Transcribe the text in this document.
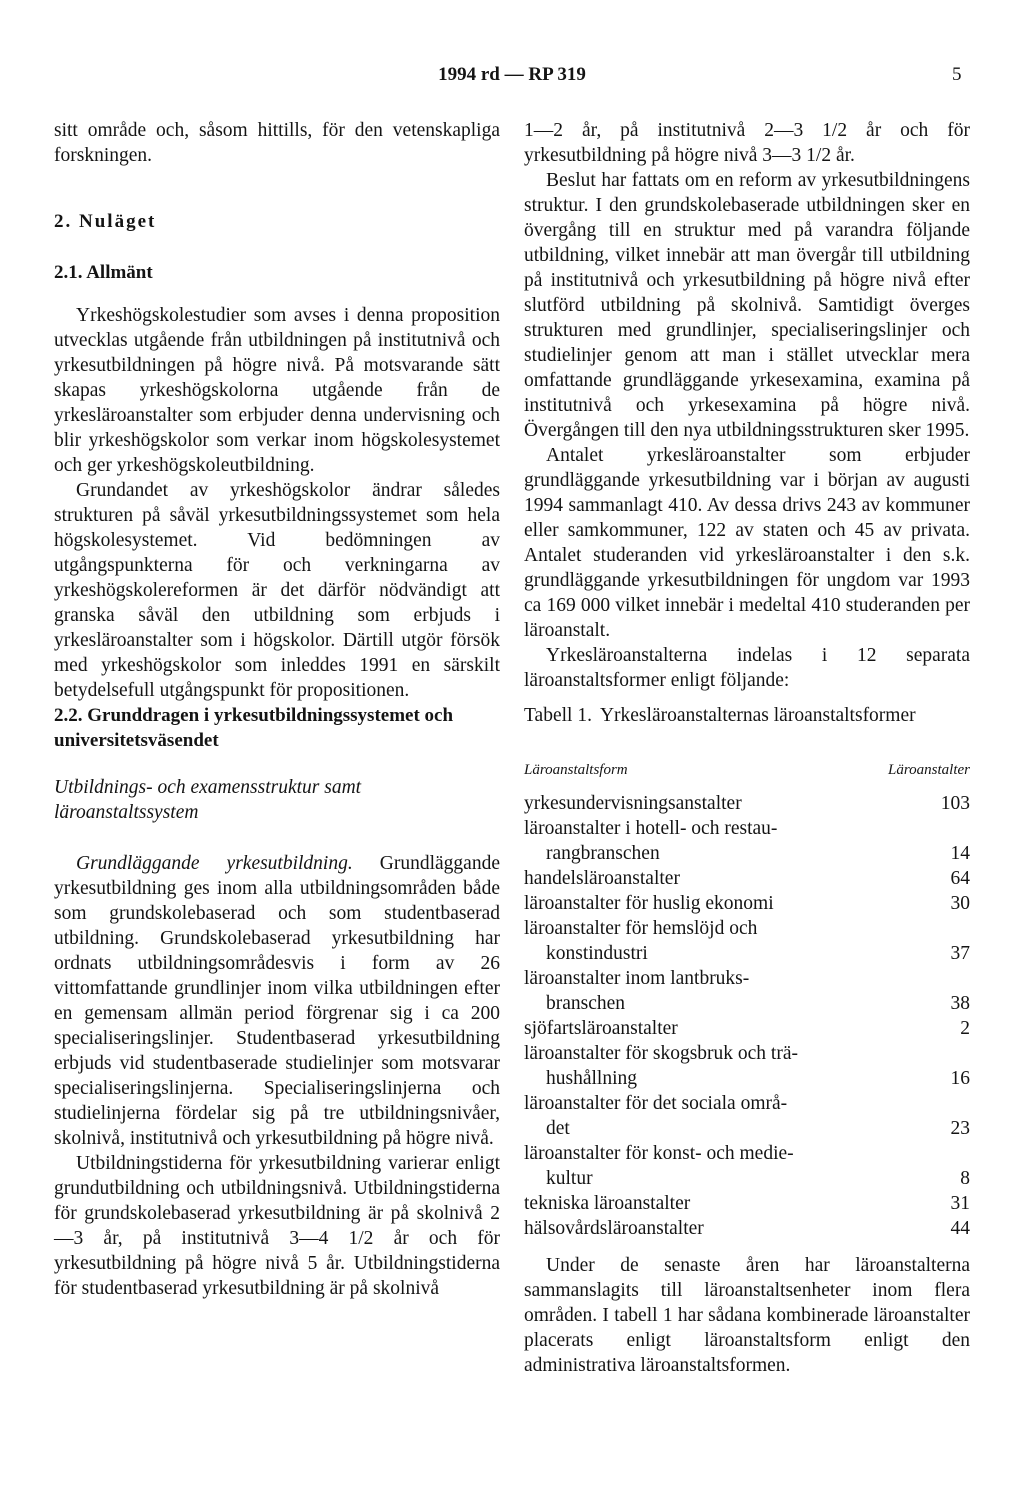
1994 rd — RP 319	5

sitt område och, såsom hittills, för den vetenskapliga forskningen.

2. Nuläget
2.1. Allmänt

Yrkeshögskolestudier som avses i denna proposition utvecklas utgående från utbildningen på institutnivå och yrkesutbildningen på högre nivå. På motsvarande sätt skapas yrkeshögskolorna utgående från de yrkesläroanstalter som erbjuder denna undervisning och blir yrkeshögskolor som verkar inom högskolesystemet och ger yrkeshögskoleutbildning.

Grundandet av yrkeshögskolor ändrar således strukturen på såväl yrkesutbildningssystemet som hela högskolesystemet. Vid bedömningen av utgångspunkterna för och verkningarna av yrkeshögskolereformen är det därför nödvändigt att granska såväl den utbildning som erbjuds i yrkesläroanstalter som i högskolor. Därtill utgör försök med yrkeshögskolor som inleddes 1991 en särskilt betydelsefull utgångspunkt för propositionen.

2.2. Grunddragen i yrkesutbildningssystemet och universitetsväsendet

Utbildnings- och examensstruktur samt läroanstaltssystem

Grundläggande yrkesutbildning. Grundläggande yrkesutbildning ges inom alla utbildningsområden både som grundskolebaserad och som studentbaserad utbildning. Grundskolebaserad yrkesutbildning har ordnats utbildningsområdesvis i form av 26 vittomfattande grundlinjer inom vilka utbildningen efter en gemensam allmän period förgrenar sig i ca 200 specialiseringslinjer. Studentbaserad yrkesutbildning erbjuds vid studentbaserade studielinjer som motsvarar specialiseringslinjerna. Specialiseringslinjerna och studielinjerna fördelar sig på tre utbildningsnivåer, skolnivå, institutnivå och yrkesutbildning på högre nivå.

Utbildningstiderna för yrkesutbildning varierar enligt grundutbildning och utbildningsnivå. Utbildningstiderna för grundskolebaserad yrkesutbildning är på skolnivå 2—3 år, på institutnivå 3—4 1/2 år och för yrkesutbildning på högre nivå 5 år. Utbildningstiderna för studentbaserad yrkesutbildning är på skolnivå

1—2 år, på institutnivå 2—3 1/2 år och för yrkesutbildning på högre nivå 3—3 1/2 år.

Beslut har fattats om en reform av yrkesutbildningens struktur. I den grundskolebaserade utbildningen sker en övergång till en struktur med på varandra följande utbildning, vilket innebär att man övergår till utbildning på institutnivå och yrkesutbildning på högre nivå efter slutförd utbildning på skolnivå. Samtidigt överges strukturen med grundlinjer, specialiseringslinjer och studielinjer genom att man i stället utvecklar mera omfattande grundläggande yrkesexamina, examina på institutnivå och yrkesexamina på högre nivå. Övergången till den nya utbildningsstrukturen sker 1995.

Antalet yrkesläroanstalter som erbjuder grundläggande yrkesutbildning var i början av augusti 1994 sammanlagt 410. Av dessa drivs 243 av kommuner eller samkommuner, 122 av staten och 45 av privata. Antalet studeranden vid yrkesläroanstalter i den s.k. grundläggande yrkesutbildningen för ungdom var 1993 ca 169 000 vilket innebär i medeltal 410 studeranden per läroanstalt.

Yrkesläroanstalterna indelas i 12 separata läroanstaltsformer enligt följande:

Tabell 1. Yrkesläroanstalternas läroanstaltsformer
Läroanstaltsform	Läroanstalter
yrkesundervisningsanstalter	103
läroanstalter i hotell- och restau-
rangbranschen	14
handelsläroanstalter	64
läroanstalter för huslig ekonomi	30
läroanstalter för hemslöjd och
konstindustri	37
läroanstalter inom lantbruks-
branschen	38
sjöfartsläroanstalter	2
läroanstalter för skogsbruk och trä-
hushållning	16
läroanstalter för det sociala områ-
det	23
läroanstalter för konst- och medie-
kultur	8
tekniska läroanstalter	31
hälsovårdsläroanstalter	44

Under de senaste åren har läroanstalterna sammanslagits till läroanstaltsenheter inom flera områden. I tabell 1 har sådana kombinerade läroanstalter placerats enligt läroanstaltsform enligt den administrativa läroanstaltsformen.
